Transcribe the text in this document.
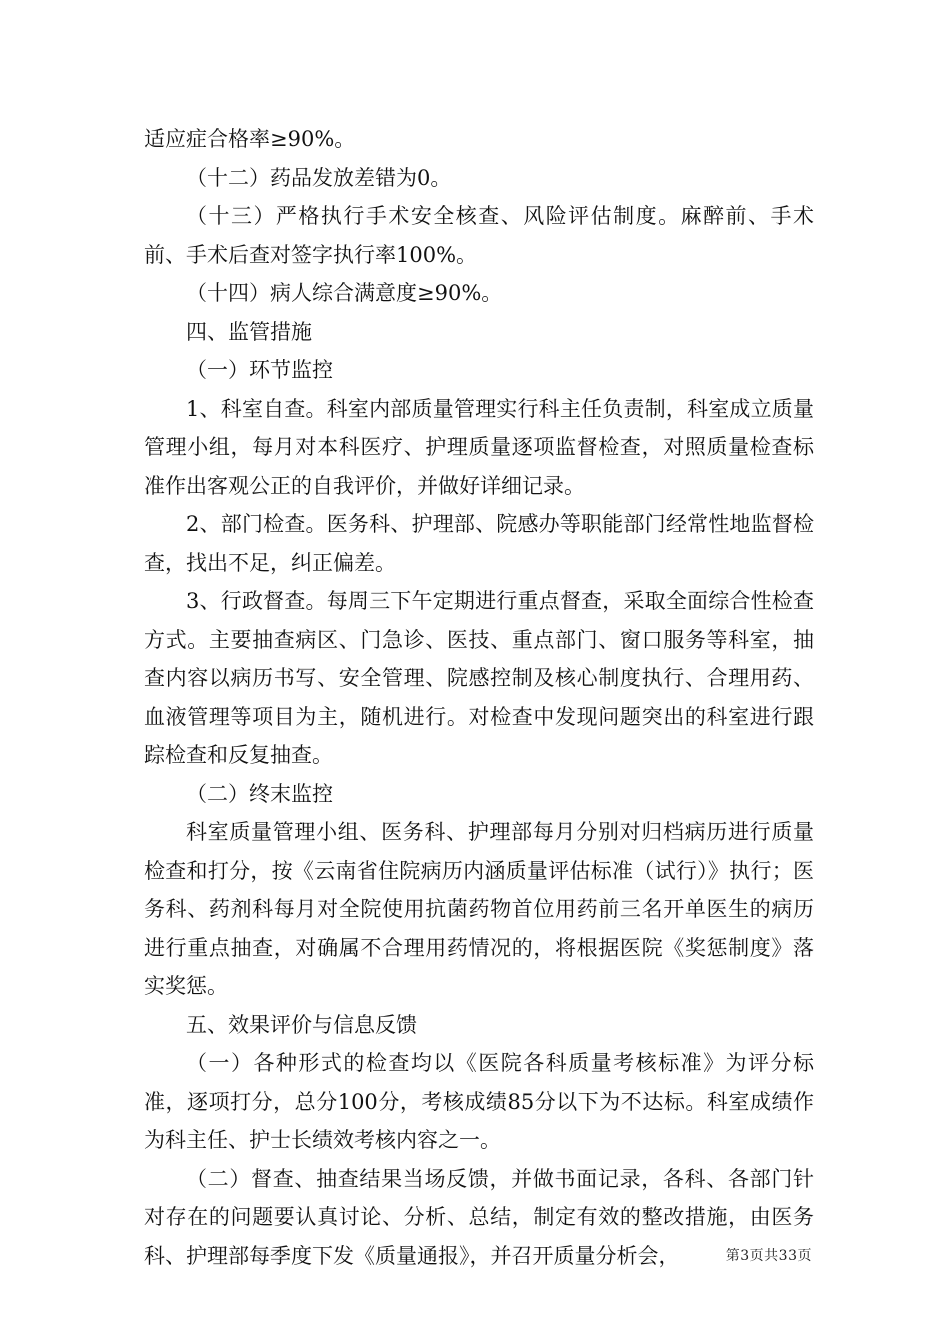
适应症合格率≥90%。

（十二）药品发放差错为0。

（十三）严格执行手术安全核查、风险评估制度。麻醉前、手术前、手术后查对签字执行率100%。

（十四）病人综合满意度≥90%。

四、监管措施

（一）环节监控

1、科室自查。科室内部质量管理实行科主任负责制，科室成立质量管理小组，每月对本科医疗、护理质量逐项监督检查，对照质量检查标准作出客观公正的自我评价，并做好详细记录。

2、部门检查。医务科、护理部、院感办等职能部门经常性地监督检查，找出不足，纠正偏差。

3、行政督查。每周三下午定期进行重点督查，采取全面综合性检查方式。主要抽查病区、门急诊、医技、重点部门、窗口服务等科室，抽查内容以病历书写、安全管理、院感控制及核心制度执行、合理用药、血液管理等项目为主，随机进行。对检查中发现问题突出的科室进行跟踪检查和反复抽查。

（二）终末监控

科室质量管理小组、医务科、护理部每月分别对归档病历进行质量检查和打分，按《云南省住院病历内涵质量评估标准（试行）》执行；医务科、药剂科每月对全院使用抗菌药物首位用药前三名开单医生的病历进行重点抽查，对确属不合理用药情况的，将根据医院《奖惩制度》落实奖惩。

五、效果评价与信息反馈

（一）各种形式的检查均以《医院各科质量考核标准》为评分标准，逐项打分，总分100分，考核成绩85分以下为不达标。科室成绩作为科主任、护士长绩效考核内容之一。

（二）督查、抽查结果当场反馈，并做书面记录，各科、各部门针对存在的问题要认真讨论、分析、总结，制定有效的整改措施，由医务科、护理部每季度下发《质量通报》，并召开质量分析会，	第3页共33页
